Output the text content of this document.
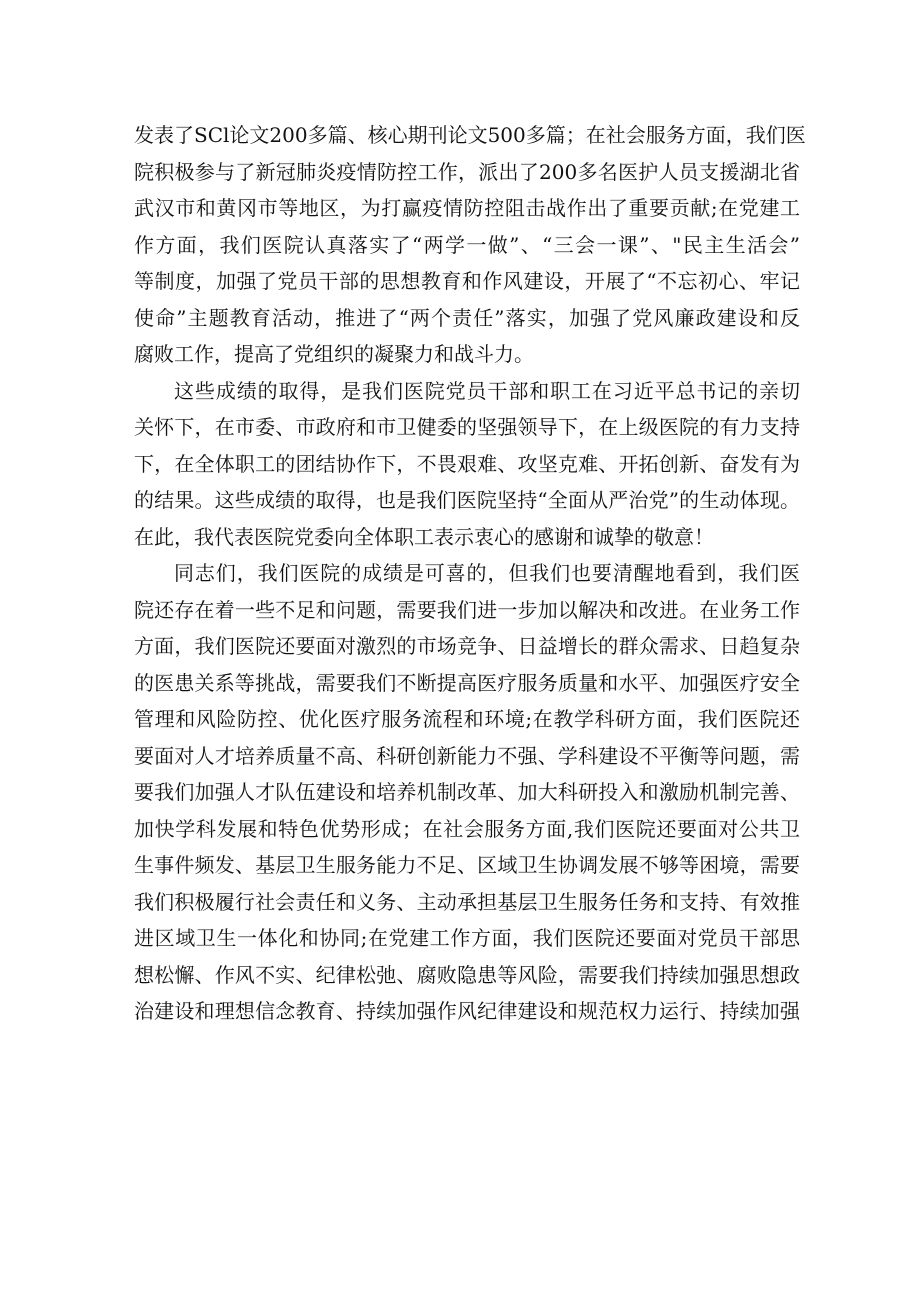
发表了SCl论文200多篇、核心期刊论文500多篇；在社会服务方面，我们医
院积极参与了新冠肺炎疫情防控工作，派出了200多名医护人员支援湖北省
武汉市和黄冈市等地区，为打赢疫情防控阻击战作出了重要贡献;在党建工
作方面，我们医院认真落实了“两学一做”、“三会一课”、"民主生活会”
等制度，加强了党员干部的思想教育和作风建设，开展了“不忘初心、牢记
使命”主题教育活动，推进了“两个责任”落实，加强了党风廉政建设和反
腐败工作，提高了党组织的凝聚力和战斗力。
这些成绩的取得，是我们医院党员干部和职工在习近平总书记的亲切
关怀下，在市委、市政府和市卫健委的坚强领导下，在上级医院的有力支持
下，在全体职工的团结协作下，不畏艰难、攻坚克难、开拓创新、奋发有为
的结果。这些成绩的取得，也是我们医院坚持“全面从严治党”的生动体现。
在此，我代表医院党委向全体职工表示衷心的感谢和诚挚的敬意！
同志们，我们医院的成绩是可喜的，但我们也要清醒地看到，我们医
院还存在着一些不足和问题，需要我们进一步加以解决和改进。在业务工作
方面，我们医院还要面对激烈的市场竞争、日益增长的群众需求、日趋复杂
的医患关系等挑战，需要我们不断提高医疗服务质量和水平、加强医疗安全
管理和风险防控、优化医疗服务流程和环境;在教学科研方面，我们医院还
要面对人才培养质量不高、科研创新能力不强、学科建设不平衡等问题，需
要我们加强人才队伍建设和培养机制改革、加大科研投入和激励机制完善、
加快学科发展和特色优势形成；在社会服务方面,我们医院还要面对公共卫
生事件频发、基层卫生服务能力不足、区域卫生协调发展不够等困境，需要
我们积极履行社会责任和义务、主动承担基层卫生服务任务和支持、有效推
进区域卫生一体化和协同;在党建工作方面，我们医院还要面对党员干部思
想松懈、作风不实、纪律松弛、腐败隐患等风险，需要我们持续加强思想政
治建设和理想信念教育、持续加强作风纪律建设和规范权力运行、持续加强
